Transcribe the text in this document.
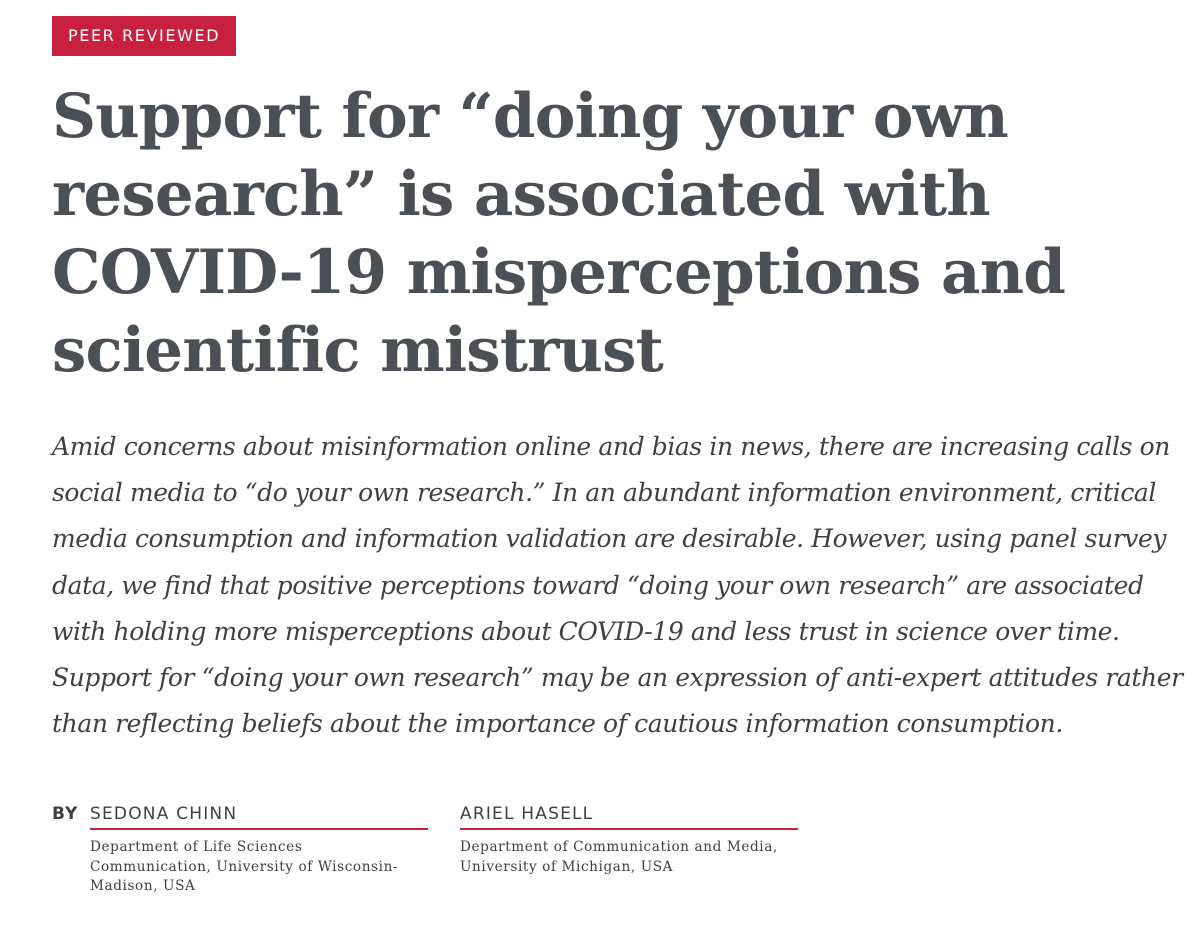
PEER REVIEWED
Support for “doing your own research” is associated with COVID-19 misperceptions and scientific mistrust

Amid concerns about misinformation online and bias in news, there are increasing calls on social media to “do your own research.” In an abundant information environment, critical media consumption and information validation are desirable. However, using panel survey data, we find that positive perceptions toward “doing your own research” are associated with holding more misperceptions about COVID-19 and less trust in science over time. Support for “doing your own research” may be an expression of anti-expert attitudes rather than reflecting beliefs about the importance of cautious information consumption.

BY SEDONA CHINN
Department of Life Sciences Communication, University of Wisconsin-Madison, USA
ARIEL HASELL
Department of Communication and Media, University of Michigan, USA
